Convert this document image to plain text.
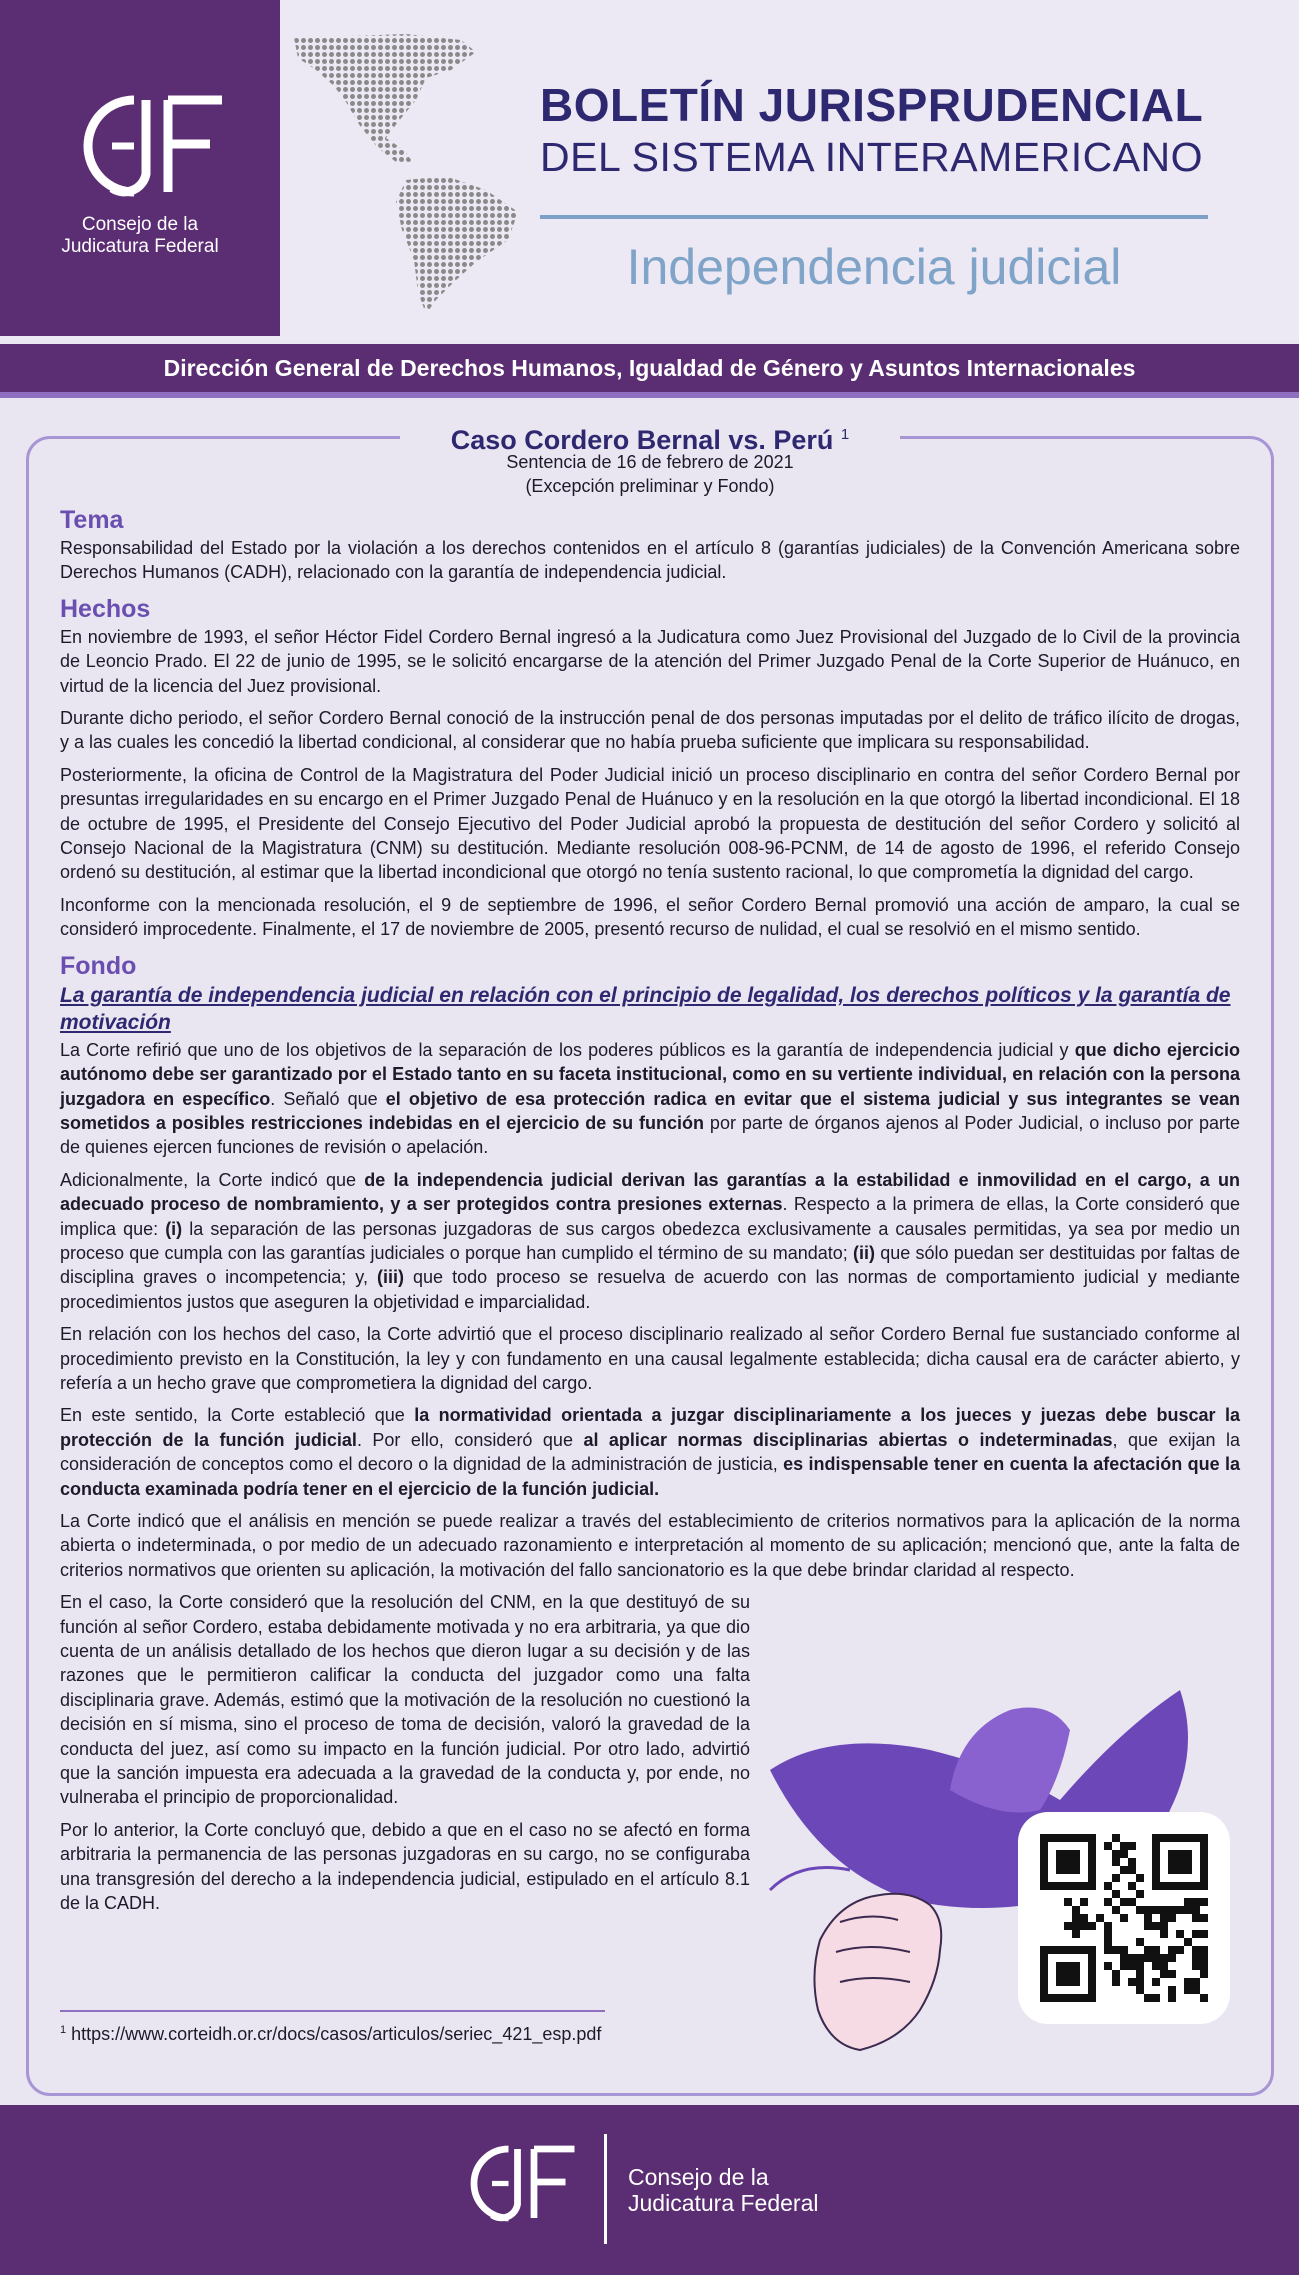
Consejo de la
Judicatura Federal
BOLETÍN JURISPRUDENCIAL
DEL SISTEMA INTERAMERICANO
Independencia judicial
Dirección General de Derechos Humanos, Igualdad de Género y Asuntos Internacionales
Caso Cordero Bernal vs. Perú $^1$
Sentencia de 16 de febrero de 2021
(Excepción preliminar y Fondo)
Tema

Responsabilidad del Estado por la violación a los derechos contenidos en el artículo 8 (garantías judiciales) de la Convención Americana sobre Derechos Humanos (CADH), relacionado con la garantía de independencia judicial.

Hechos

En noviembre de 1993, el señor Héctor Fidel Cordero Bernal ingresó a la Judicatura como Juez Provisional del Juzgado de lo Civil de la provincia de Leoncio Prado. El 22 de junio de 1995, se le solicitó encargarse de la atención del Primer Juzgado Penal de la Corte Superior de Huánuco, en virtud de la licencia del Juez provisional.

Durante dicho periodo, el señor Cordero Bernal conoció de la instrucción penal de dos personas imputadas por el delito de tráfico ilícito de drogas, y a las cuales les concedió la libertad condicional, al considerar que no había prueba suficiente que implicara su responsabilidad.

Posteriormente, la oficina de Control de la Magistratura del Poder Judicial inició un proceso disciplinario en contra del señor Cordero Bernal por presuntas irregularidades en su encargo en el Primer Juzgado Penal de Huánuco y en la resolución en la que otorgó la libertad incondicional. El 18 de octubre de 1995, el Presidente del Consejo Ejecutivo del Poder Judicial aprobó la propuesta de destitución del señor Cordero y solicitó al Consejo Nacional de la Magistratura (CNM) su destitución. Mediante resolución 008-96-PCNM, de 14 de agosto de 1996, el referido Consejo ordenó su destitución, al estimar que la libertad incondicional que otorgó no tenía sustento racional, lo que comprometía la dignidad del cargo.

Inconforme con la mencionada resolución, el 9 de septiembre de 1996, el señor Cordero Bernal promovió una acción de amparo, la cual se consideró improcedente. Finalmente, el 17 de noviembre de 2005, presentó recurso de nulidad, el cual se resolvió en el mismo sentido.

Fondo
La garantía de independencia judicial en relación con el principio de legalidad, los derechos políticos y la garantía de motivación

La Corte refirió que uno de los objetivos de la separación de los poderes públicos es la garantía de independencia judicial y que dicho ejercicio autónomo debe ser garantizado por el Estado tanto en su faceta institucional, como en su vertiente individual, en relación con la persona juzgadora en específico. Señaló que el objetivo de esa protección radica en evitar que el sistema judicial y sus integrantes se vean sometidos a posibles restricciones indebidas en el ejercicio de su función por parte de órganos ajenos al Poder Judicial, o incluso por parte de quienes ejercen funciones de revisión o apelación.

Adicionalmente, la Corte indicó que de la independencia judicial derivan las garantías a la estabilidad e inmovilidad en el cargo, a un adecuado proceso de nombramiento, y a ser protegidos contra presiones externas. Respecto a la primera de ellas, la Corte consideró que implica que: (i) la separación de las personas juzgadoras de sus cargos obedezca exclusivamente a causales permitidas, ya sea por medio un proceso que cumpla con las garantías judiciales o porque han cumplido el término de su mandato; (ii) que sólo puedan ser destituidas por faltas de disciplina graves o incompetencia; y, (iii) que todo proceso se resuelva de acuerdo con las normas de comportamiento judicial y mediante procedimientos justos que aseguren la objetividad e imparcialidad.

En relación con los hechos del caso, la Corte advirtió que el proceso disciplinario realizado al señor Cordero Bernal fue sustanciado conforme al procedimiento previsto en la Constitución, la ley y con fundamento en una causal legalmente establecida; dicha causal era de carácter abierto, y refería a un hecho grave que comprometiera la dignidad del cargo.

En este sentido, la Corte estableció que la normatividad orientada a juzgar disciplinariamente a los jueces y juezas debe buscar la protección de la función judicial. Por ello, consideró que al aplicar normas disciplinarias abiertas o indeterminadas, que exijan la consideración de conceptos como el decoro o la dignidad de la administración de justicia, es indispensable tener en cuenta la afectación que la conducta examinada podría tener en el ejercicio de la función judicial.

La Corte indicó que el análisis en mención se puede realizar a través del establecimiento de criterios normativos para la aplicación de la norma abierta o indeterminada, o por medio de un adecuado razonamiento e interpretación al momento de su aplicación; mencionó que, ante la falta de criterios normativos que orienten su aplicación, la motivación del fallo sancionatorio es la que debe brindar claridad al respecto.

En el caso, la Corte consideró que la resolución del CNM, en la que destituyó de su función al señor Cordero, estaba debidamente motivada y no era arbitraria, ya que dio cuenta de un análisis detallado de los hechos que dieron lugar a su decisión y de las razones que le permitieron calificar la conducta del juzgador como una falta disciplinaria grave. Además, estimó que la motivación de la resolución no cuestionó la decisión en sí misma, sino el proceso de toma de decisión, valoró la gravedad de la conducta del juez, así como su impacto en la función judicial. Por otro lado, advirtió que la sanción impuesta era adecuada a la gravedad de la conducta y, por ende, no vulneraba el principio de proporcionalidad.

Por lo anterior, la Corte concluyó que, debido a que en el caso no se afectó en forma arbitraria la permanencia de las personas juzgadoras en su cargo, no se configuraba una transgresión del derecho a la independencia judicial, estipulado en el artículo 8.1 de la CADH.

$^1$ https://www.corteidh.or.cr/docs/casos/articulos/seriec_421_esp.pdf
Consejo de la
Judicatura Federal
